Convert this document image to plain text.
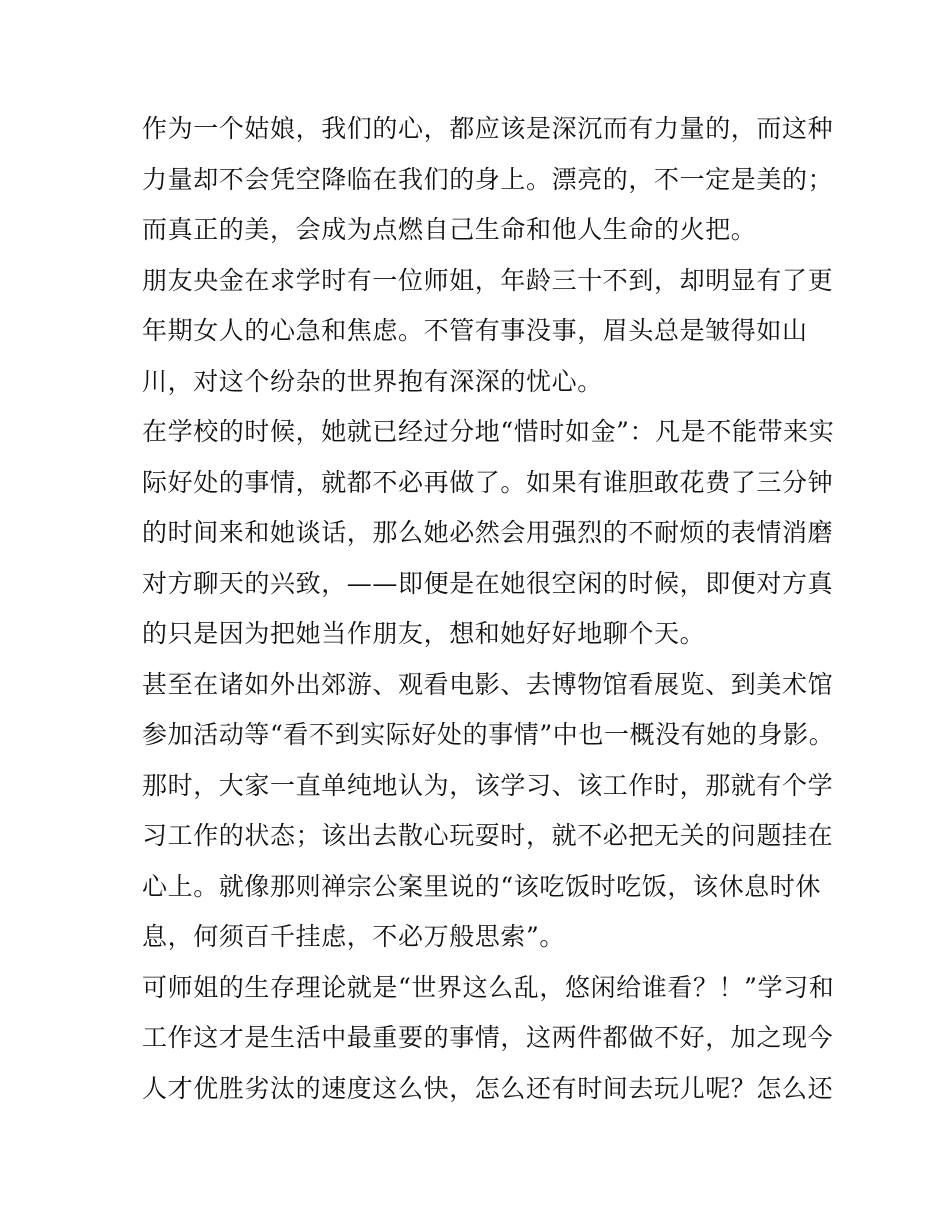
作为一个姑娘，我们的心，都应该是深沉而有力量的，而这种
力量却不会凭空降临在我们的身上。漂亮的，不一定是美的；
而真正的美，会成为点燃自己生命和他人生命的火把。
朋友央金在求学时有一位师姐，年龄三十不到，却明显有了更
年期女人的心急和焦虑。不管有事没事，眉头总是皱得如山
川，对这个纷杂的世界抱有深深的忧心。
在学校的时候，她就已经过分地“惜时如金”：凡是不能带来实
际好处的事情，就都不必再做了。如果有谁胆敢花费了三分钟
的时间来和她谈话，那么她必然会用强烈的不耐烦的表情消磨
对方聊天的兴致，——即便是在她很空闲的时候，即便对方真
的只是因为把她当作朋友，想和她好好地聊个天。
甚至在诸如外出郊游、观看电影、去博物馆看展览、到美术馆
参加活动等“看不到实际好处的事情”中也一概没有她的身影。
那时，大家一直单纯地认为，该学习、该工作时，那就有个学
习工作的状态；该出去散心玩耍时，就不必把无关的问题挂在
心上。就像那则禅宗公案里说的“该吃饭时吃饭，该休息时休
息，何须百千挂虑，不必万般思索”。
可师姐的生存理论就是“世界这么乱，悠闲给谁看？！”学习和
工作这才是生活中最重要的事情，这两件都做不好，加之现今
人才优胜劣汰的速度这么快，怎么还有时间去玩儿呢？怎么还
